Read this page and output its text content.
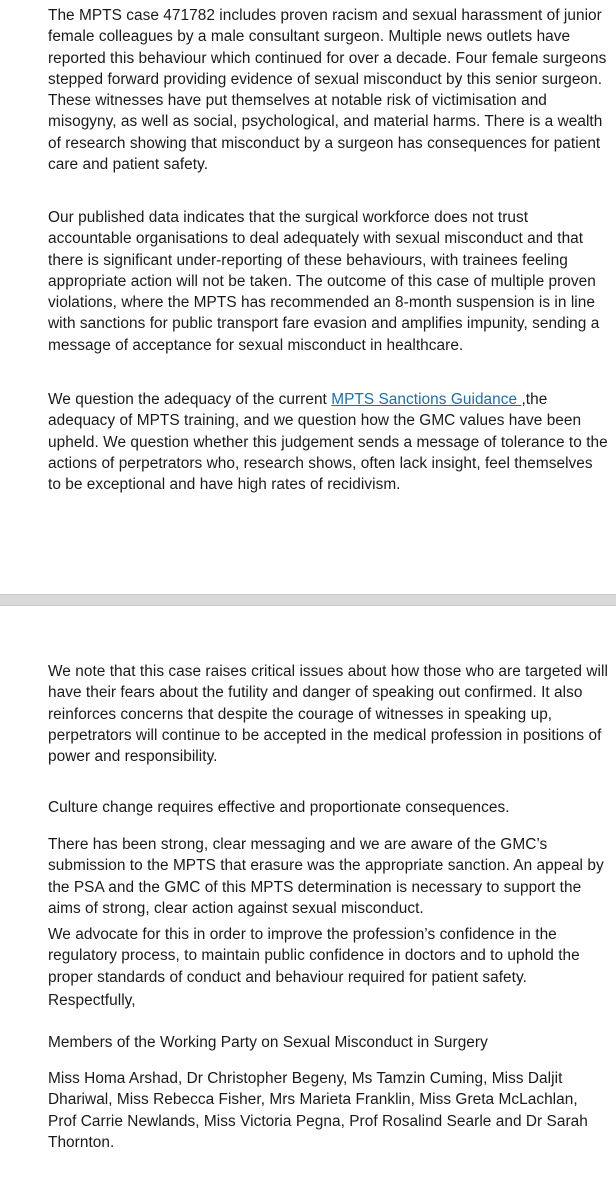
The MPTS case 471782 includes proven racism and sexual harassment of junior female colleagues by a male consultant surgeon. Multiple news outlets have reported this behaviour which continued for over a decade. Four female surgeons stepped forward providing evidence of sexual misconduct by this senior surgeon. These witnesses have put themselves at notable risk of victimisation and misogyny, as well as social, psychological, and material harms. There is a wealth of research showing that misconduct by a surgeon has consequences for patient care and patient safety.

Our published data indicates that the surgical workforce does not trust accountable organisations to deal adequately with sexual misconduct and that there is significant under-reporting of these behaviours, with trainees feeling appropriate action will not be taken. The outcome of this case of multiple proven violations, where the MPTS has recommended an 8-month suspension is in line with sanctions for public transport fare evasion and amplifies impunity, sending a message of acceptance for sexual misconduct in healthcare.

We question the adequacy of the current MPTS Sanctions Guidance ,the adequacy of MPTS training, and we question how the GMC values have been upheld. We question whether this judgement sends a message of tolerance to the actions of perpetrators who, research shows, often lack insight, feel themselves to be exceptional and have high rates of recidivism.

We note that this case raises critical issues about how those who are targeted will have their fears about the futility and danger of speaking out confirmed. It also reinforces concerns that despite the courage of witnesses in speaking up, perpetrators will continue to be accepted in the medical profession in positions of power and responsibility.

Culture change requires effective and proportionate consequences.

There has been strong, clear messaging and we are aware of the GMC’s submission to the MPTS that erasure was the appropriate sanction. An appeal by the PSA and the GMC of this MPTS determination is necessary to support the aims of strong, clear action against sexual misconduct.

We advocate for this in order to improve the profession’s confidence in the regulatory process, to maintain public confidence in doctors and to uphold the proper standards of conduct and behaviour required for patient safety.

Respectfully,

Members of the Working Party on Sexual Misconduct in Surgery

Miss Homa Arshad, Dr Christopher Begeny, Ms Tamzin Cuming, Miss Daljit Dhariwal, Miss Rebecca Fisher, Mrs Marieta Franklin, Miss Greta McLachlan, Prof Carrie Newlands, Miss Victoria Pegna, Prof Rosalind Searle and Dr Sarah Thornton.
